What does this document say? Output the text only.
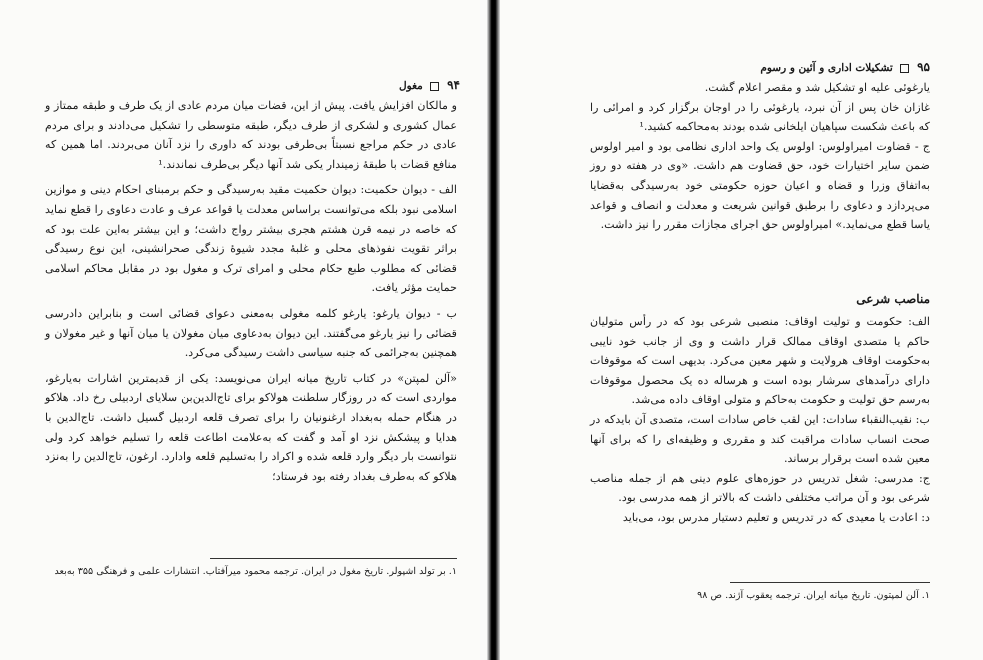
۹۴  مغول

و مالکان افزایش یافت. پیش از این، قضات میان مردم عادی از یک طرف و طبقه ممتاز و عمال کشوری و لشکری از طرف دیگر، طبقه متوسطی را تشکیل می‌دادند و برای مردم عادی در حکم مراجع نسبتاً بی‌طرفی بودند که داوری را نزد آنان می‌بردند. اما همین که منافع قضات با طبقهٔ زمیندار یکی شد آنها دیگر بی‌طرف نماندند.¹

الف - دیوان حکمیت: دیوان حکمیت مقید به‌رسیدگی و حکم برمبنای احکام دینی و موازین اسلامی نبود بلکه می‌توانست براساس معدلت یا قواعد عرف و عادت دعاوی را قطع نماید که خاصه در نیمه قرن هشتم هجری بیشتر رواج داشت؛ و این بیشتر به‌این علت بود که براثر تقویت نفوذهای محلی و غلبهٔ مجدد شیوهٔ زندگی صحرانشینی، این نوع رسیدگی قضائی که مطلوب طبع حکام محلی و امرای ترک و مغول بود در مقابل محاکم اسلامی حمایت مؤثر یافت.

ب - دیوان یارغو: یارغو کلمه مغولی به‌معنی دعوای قضائی است و بنابراین دادرسی قضائی را نیز یارغو می‌گفتند. این دیوان به‌دعاوی میان مغولان یا میان آنها و غیر مغولان و همچنین به‌جرائمی که جنبه سیاسی داشت رسیدگی می‌کرد.

«آلن لمپتن» در کتاب تاریخ میانه ایران می‌نویسد: یکی از قدیمترین اشارات به‌یارغو، مواردی است که در روزگار سلطنت هولاکو برای تاج‌الدین‌بن سلایای اردبیلی رخ داد. هلاکو در هنگام حمله به‌بغداد ارغنونیان را برای تصرف قلعه اردبیل گسیل داشت. تاج‌الدین با هدایا و پیشکش نزد او آمد و گفت که به‌علامت اطاعت قلعه را تسلیم خواهد کرد ولی نتوانست بار دیگر وارد قلعه شده و اکراد را به‌تسلیم قلعه وادارد. ارغون، تاج‌الدین را به‌نزد هلاکو که به‌طرف بغداد رفته بود فرستاد؛

۱. بر تولد اشپولر. تاریخ مغول در ایران. ترجمه محمود میرآفتاب. انتشارات علمی و فرهنگی ۳۵۵ به‌بعد
۹۵  تشکیلات اداری و آئین و رسوم

یارغوئی علیه او تشکیل شد و مقصر اعلام گشت.

غازان خان پس از آن نبرد، یارغوئی را در اوجان برگزار کرد و امرائی را که باعث شکست سپاهیان ایلخانی شده بودند به‌محاکمه کشید.¹

ج - قضاوت امیراولوس: اولوس یک واحد اداری نظامی بود و امیر اولوس ضمن سایر اختیارات خود، حق قضاوت هم داشت. «وی در هفته دو روز به‌اتفاق وزرا و قضاه و اعیان حوزه حکومتی خود به‌رسیدگی به‌قضایا می‌پردازد و دعاوی را برطبق قوانین شریعت و معدلت و انصاف و قواعد یاسا قطع می‌نماید.» امیراولوس حق اجرای مجازات مقرر را نیز داشت.

مناصب شرعی

الف: حکومت و تولیت اوقاف: منصبی شرعی بود که در رأس متولیان حاکم یا متصدی اوقاف ممالک قرار داشت و وی از جانب خود نایبی به‌حکومت اوقاف هرولایت و شهر معین می‌کرد. بدیهی است که موقوفات دارای درآمدهای سرشار بوده است و هرساله ده یک محصول موقوفات به‌رسم حق تولیت و حکومت به‌حاکم و متولی اوقاف داده می‌شد.

ب: نقیب‌النقباء سادات: این لقب خاص سادات است، متصدی آن بایدکه در صحت انساب سادات مراقبت کند و مقرری و وظیفه‌ای را که برای آنها معین شده است برقرار برساند.

ج: مدرسی: شغل تدریس در حوزه‌های علوم دینی هم از جمله مناصب شرعی بود و آن مراتب مختلفی داشت که بالاتر از همه مدرسی بود.

د: اعادت یا معیدی که در تدریس و تعلیم دستیار مدرس بود، می‌باید

۱. آلن لمپتون. تاریخ میانه ایران. ترجمه یعقوب آژند. ص ۹۸
